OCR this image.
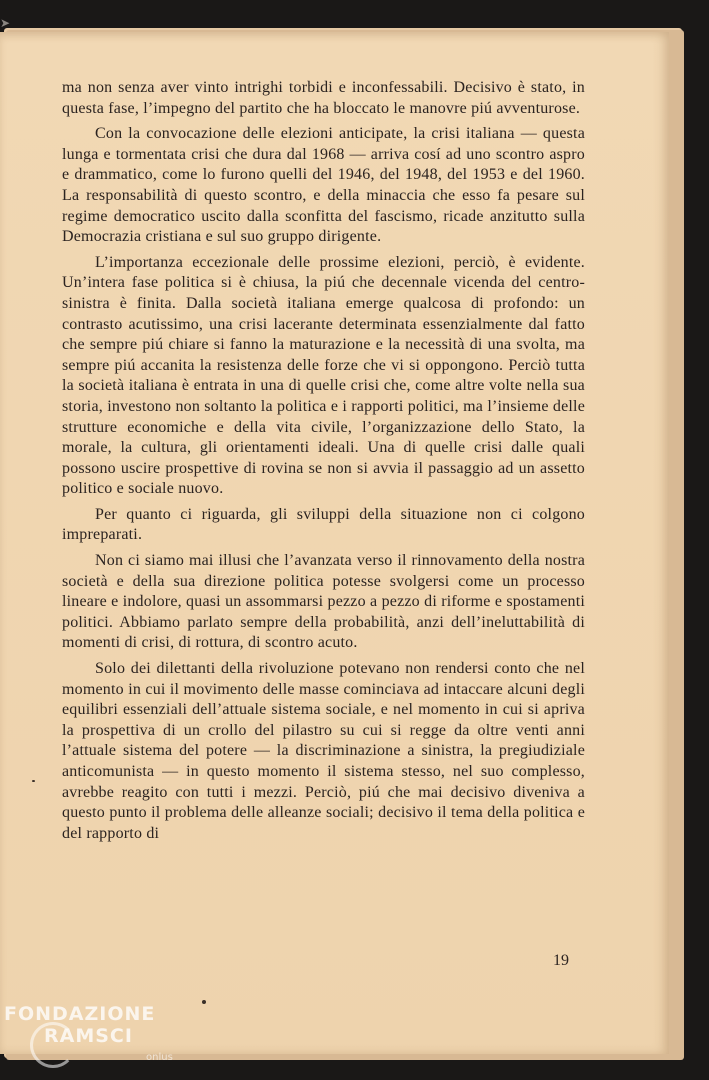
➤

ma non senza aver vinto intrighi torbidi e inconfessabili. Decisivo è stato, in questa fase, l’impegno del partito che ha bloccato le manovre piú avventurose.

Con la convocazione delle elezioni anticipate, la crisi italiana — questa lunga e tormentata crisi che dura dal 1968 — arriva cosí ad uno scontro aspro e drammatico, come lo furono quelli del 1946, del 1948, del 1953 e del 1960. La responsabilità di questo scontro, e della minaccia che esso fa pesare sul regime democratico uscito dalla sconfitta del fascismo, ricade anzitutto sulla Democrazia cristiana e sul suo gruppo dirigente.

L’importanza eccezionale delle prossime elezioni, perciò, è evidente. Un’intera fase politica si è chiusa, la piú che decennale vicenda del centro-sinistra è finita. Dalla società italiana emerge qualcosa di profondo: un contrasto acutissimo, una crisi lacerante determinata essenzialmente dal fatto che sempre piú chiare si fanno la maturazione e la necessità di una svolta, ma sempre piú accanita la resistenza delle forze che vi si oppongono. Perciò tutta la società italiana è entrata in una di quelle crisi che, come altre volte nella sua storia, investono non soltanto la politica e i rapporti politici, ma l’insieme delle strutture economiche e della vita civile, l’organizzazione dello Stato, la morale, la cultura, gli orientamenti ideali. Una di quelle crisi dalle quali possono uscire prospettive di rovina se non si avvia il passaggio ad un assetto politico e sociale nuovo.

Per quanto ci riguarda, gli sviluppi della situazione non ci colgono impreparati.

Non ci siamo mai illusi che l’avanzata verso il rinnovamento della nostra società e della sua direzione politica potesse svolgersi come un processo lineare e indolore, quasi un assommarsi pezzo a pezzo di riforme e spostamenti politici. Abbiamo parlato sempre della probabilità, anzi dell’ineluttabilità di momenti di crisi, di rottura, di scontro acuto.

Solo dei dilettanti della rivoluzione potevano non rendersi conto che nel momento in cui il movimento delle masse cominciava ad intaccare alcuni degli equilibri essenziali dell’attuale sistema sociale, e nel momento in cui si apriva la prospettiva di un crollo del pilastro su cui si regge da oltre venti anni l’attuale sistema del potere — la discriminazione a sinistra, la pregiudiziale anticomunista — in questo momento il sistema stesso, nel suo complesso, avrebbe reagito con tutti i mezzi. Perciò, piú che mai decisivo diveniva a questo punto il problema delle alleanze sociali; decisivo il tema della politica e del rapporto di

19
FONDAZIONE
RAMSCI
onlus
